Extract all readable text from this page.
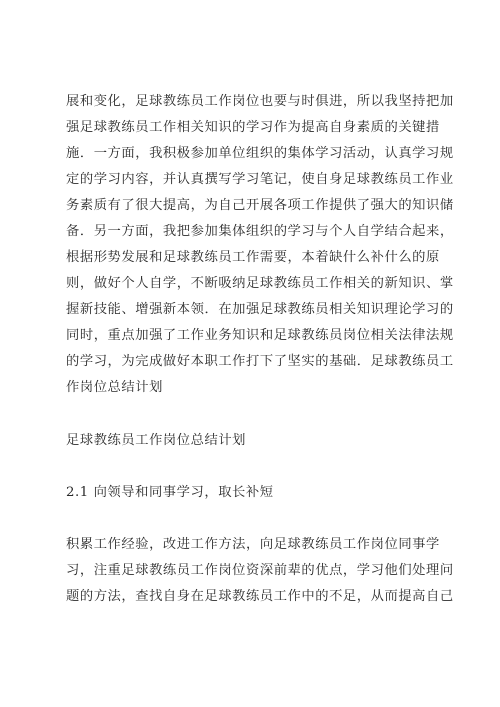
展和变化，足球教练员工作岗位也要与时俱进，所以我坚持把加
强足球教练员工作相关知识的学习作为提高自身素质的关键措
施．一方面，我积极参加单位组织的集体学习活动，认真学习规
定的学习内容，并认真撰写学习笔记，使自身足球教练员工作业
务素质有了很大提高，为自己开展各项工作提供了强大的知识储
备．另一方面，我把参加集体组织的学习与个人自学结合起来，
根据形势发展和足球教练员工作需要，本着缺什么补什么的原
则，做好个人自学，不断吸纳足球教练员工作相关的新知识、掌
握新技能、增强新本领．在加强足球教练员相关知识理论学习的
同时，重点加强了工作业务知识和足球教练员岗位相关法律法规
的学习，为完成做好本职工作打下了坚实的基础．足球教练员工
作岗位总结计划
足球教练员工作岗位总结计划
2.1 向领导和同事学习，取长补短
积累工作经验，改进工作方法，向足球教练员工作岗位同事学
习，注重足球教练员工作岗位资深前辈的优点，学习他们处理问
题的方法，查找自身在足球教练员工作中的不足，从而提高自己
